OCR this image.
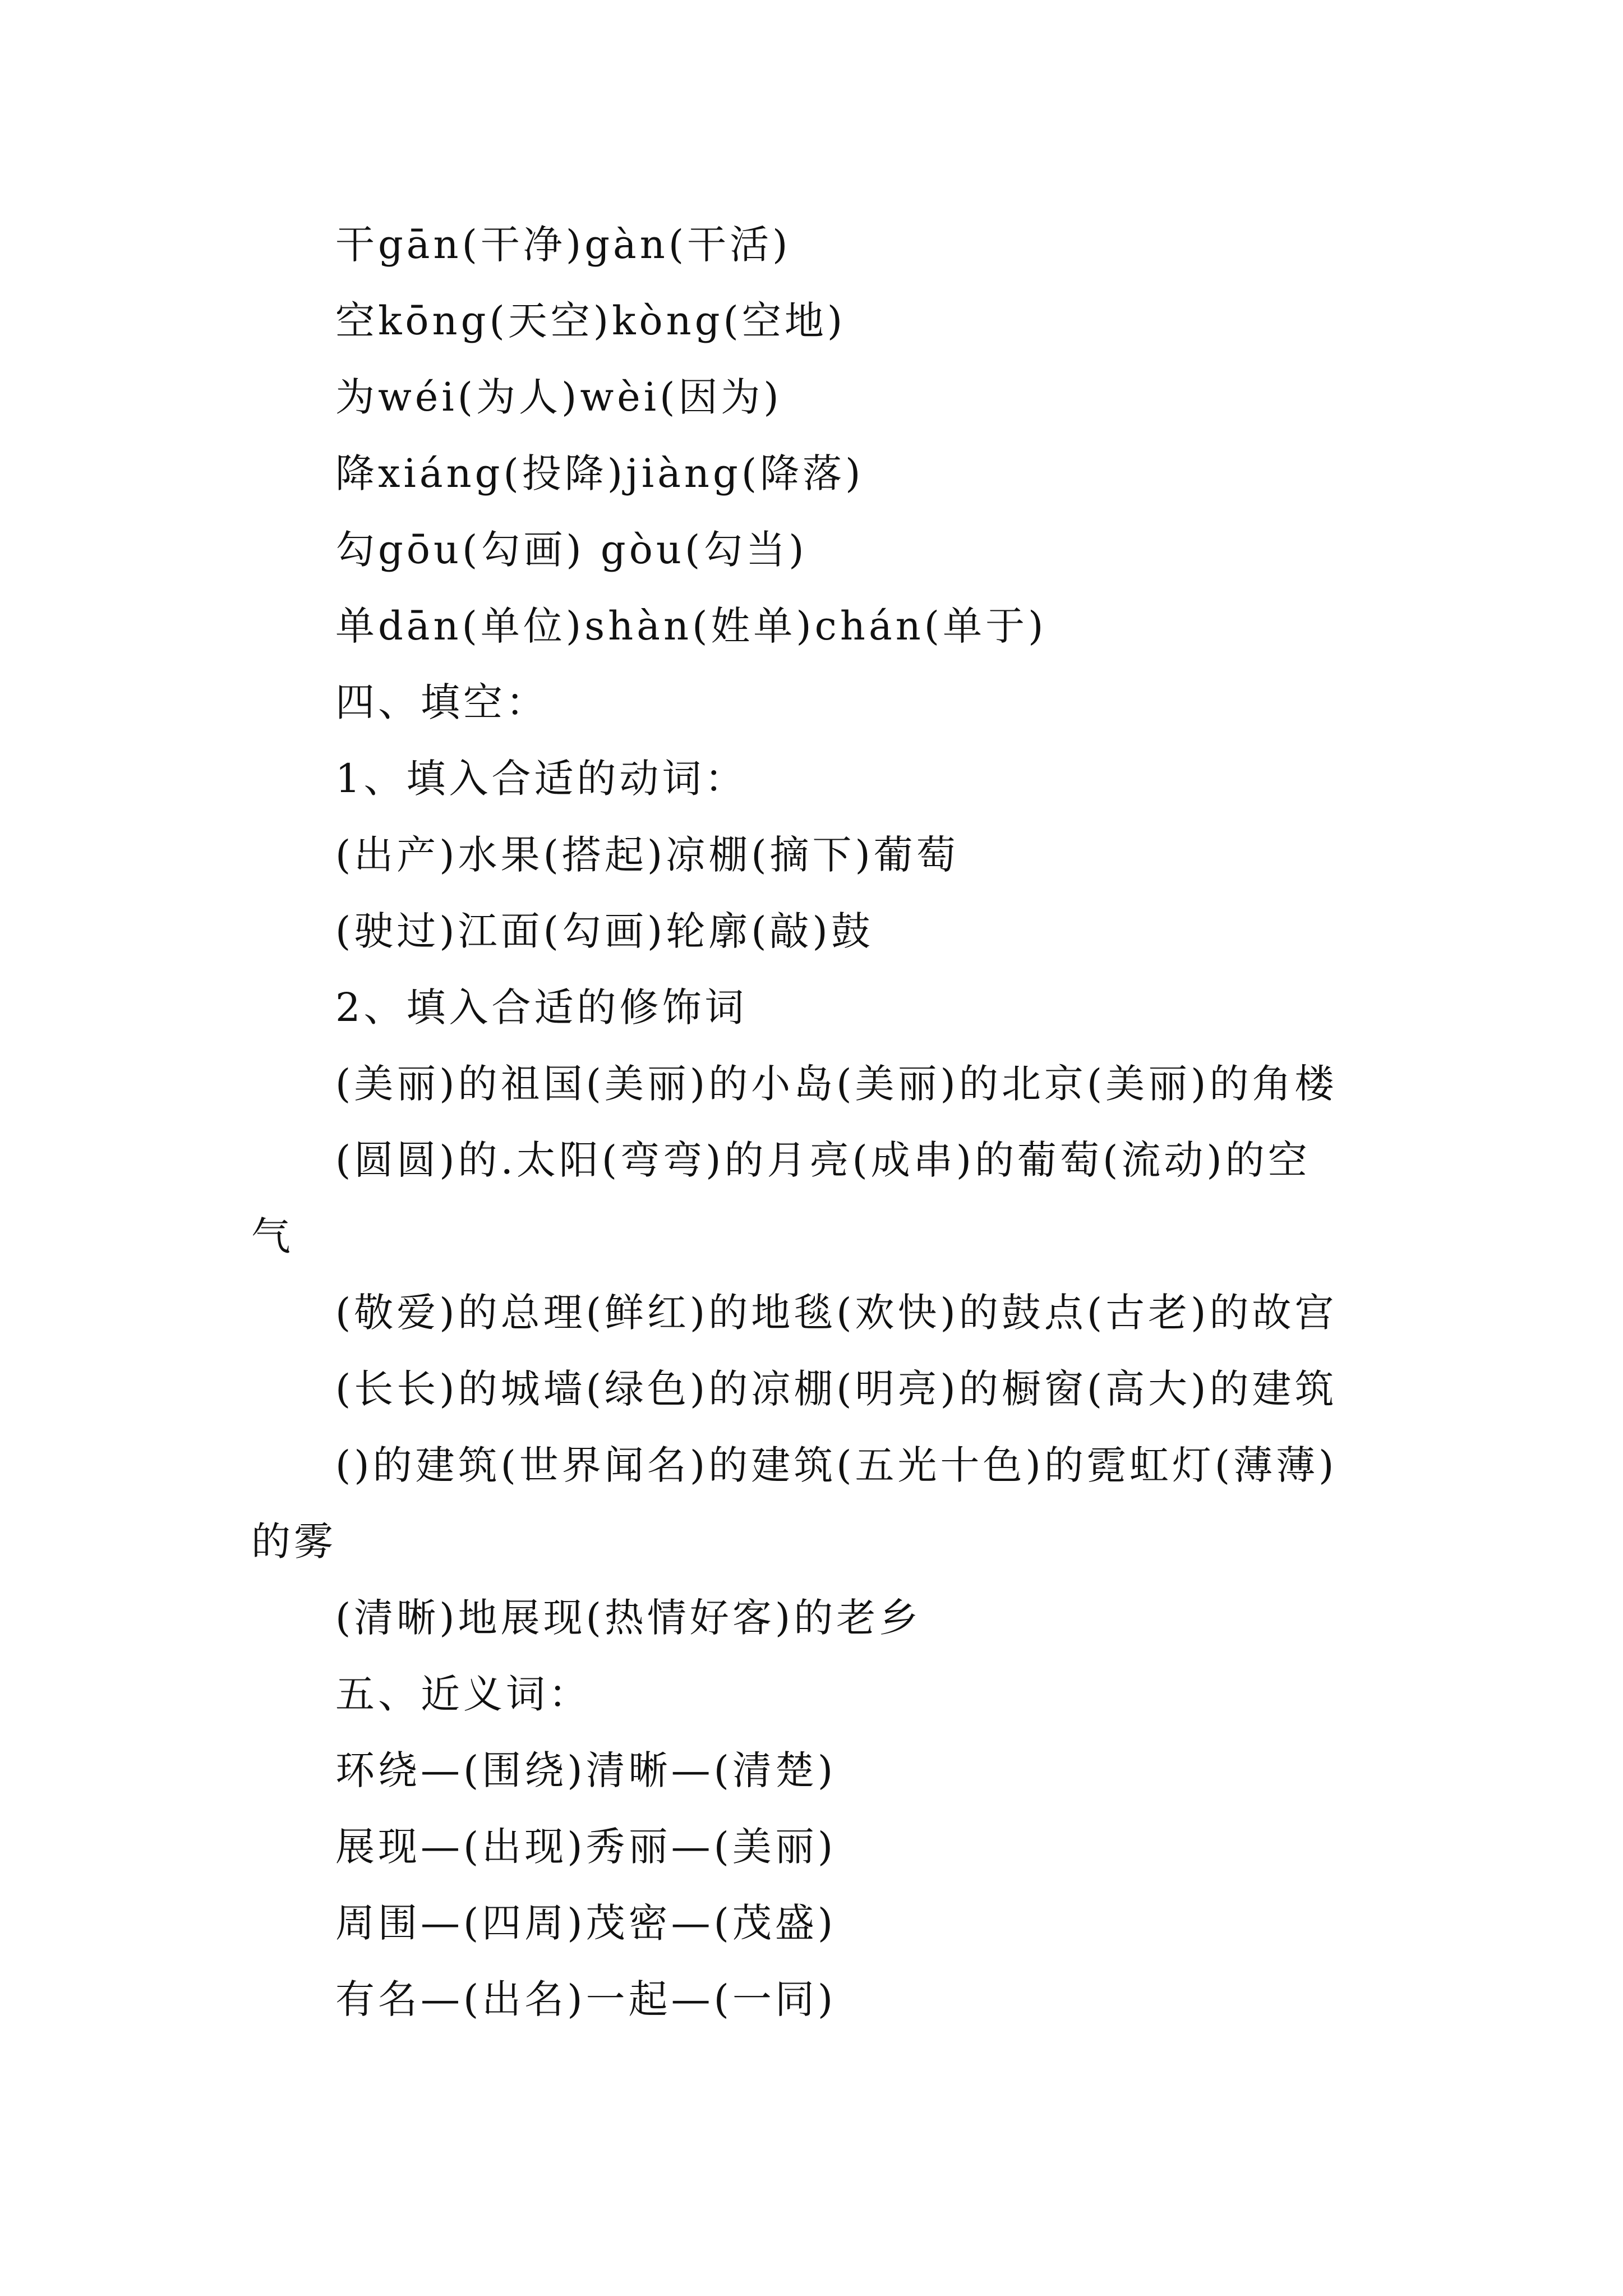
干gān(干净)gàn(干活)
空kōng(天空)kòng(空地)
为wéi(为人)wèi(因为)
降xiáng(投降)jiàng(降落)
勾gōu(勾画) gòu(勾当)
单dān(单位)shàn(姓单)chán(单于)
四、填空：
1、填入合适的动词：
(出产)水果(搭起)凉棚(摘下)葡萄
(驶过)江面(勾画)轮廓(敲)鼓
2、填入合适的修饰词
(美丽)的祖国(美丽)的小岛(美丽)的北京(美丽)的角楼
(圆圆)的.太阳(弯弯)的月亮(成串)的葡萄(流动)的空
气
(敬爱)的总理(鲜红)的地毯(欢快)的鼓点(古老)的故宫
(长长)的城墙(绿色)的凉棚(明亮)的橱窗(高大)的建筑
()的建筑(世界闻名)的建筑(五光十色)的霓虹灯(薄薄)
的雾
(清晰)地展现(热情好客)的老乡
五、近义词：
环绕—(围绕)清晰—(清楚)
展现—(出现)秀丽—(美丽)
周围—(四周)茂密—(茂盛)
有名—(出名)一起—(一同)
